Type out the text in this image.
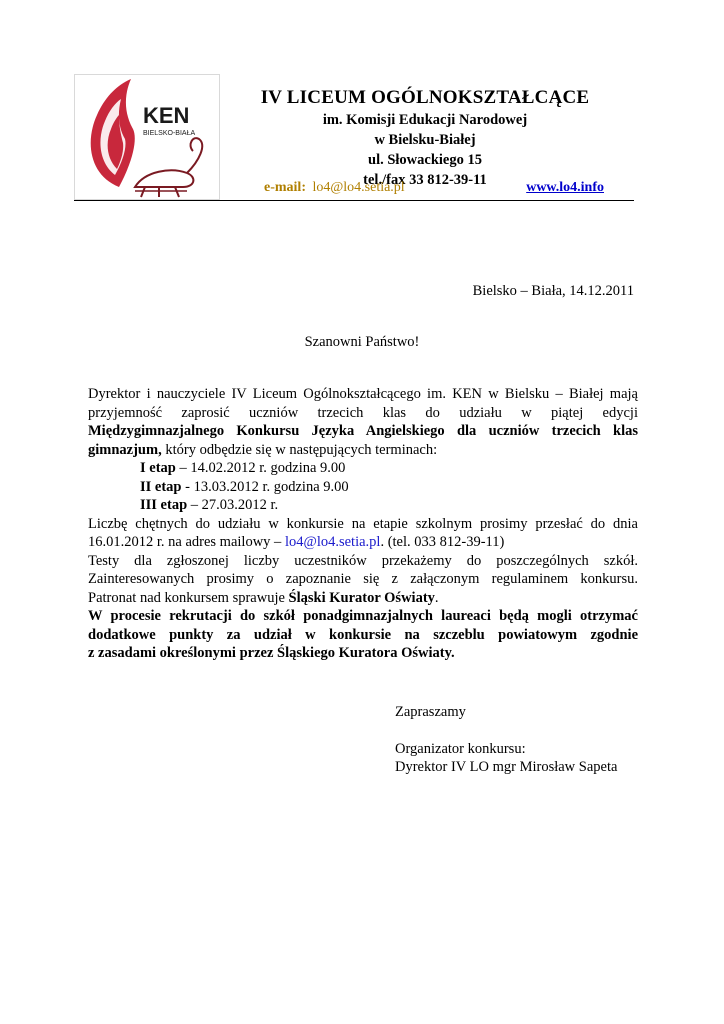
KEN
BIELSKO-BIAŁA

IV LICEUM OGÓLNOKSZTAŁCĄCE

im. Komisji Edukacji Narodowej

w Bielsku-Białej

ul. Słowackiego 15

tel./fax 33 812-39-11

e-mail: lo4@lo4.setia.pl	www.lo4.info
Bielsko – Biała, 14.12.2011
Szanowni Państwo!

Dyrektor i nauczyciele IV Liceum Ogólnokształcącego im. KEN w Bielsku – Białej mają

przyjemność zaprosić uczniów trzecich klas do udziału w piątej edycji

Międzygimnazjalnego Konkursu Języka Angielskiego dla uczniów trzecich klas

gimnazjum, który odbędzie się w następujących terminach:

I etap – 14.02.2012 r. godzina 9.00

II etap - 13.03.2012 r. godzina 9.00

III etap – 27.03.2012 r.

Liczbę chętnych do udziału w konkursie na etapie szkolnym prosimy przesłać do dnia

16.01.2012 r. na adres mailowy – lo4@lo4.setia.pl. (tel. 033 812-39-11)

Testy dla zgłoszonej liczby uczestników przekażemy do poszczególnych szkół.

Zainteresowanych prosimy o zapoznanie się z załączonym regulaminem konkursu.

Patronat nad konkursem sprawuje Śląski Kurator Oświaty.

W procesie rekrutacji do szkół ponadgimnazjalnych laureaci będą mogli otrzymać

dodatkowe punkty za udział w konkursie na szczeblu powiatowym zgodnie

z zasadami określonymi przez Śląskiego Kuratora Oświaty.

Zapraszamy

Organizator konkursu:

Dyrektor IV LO mgr Mirosław Sapeta
